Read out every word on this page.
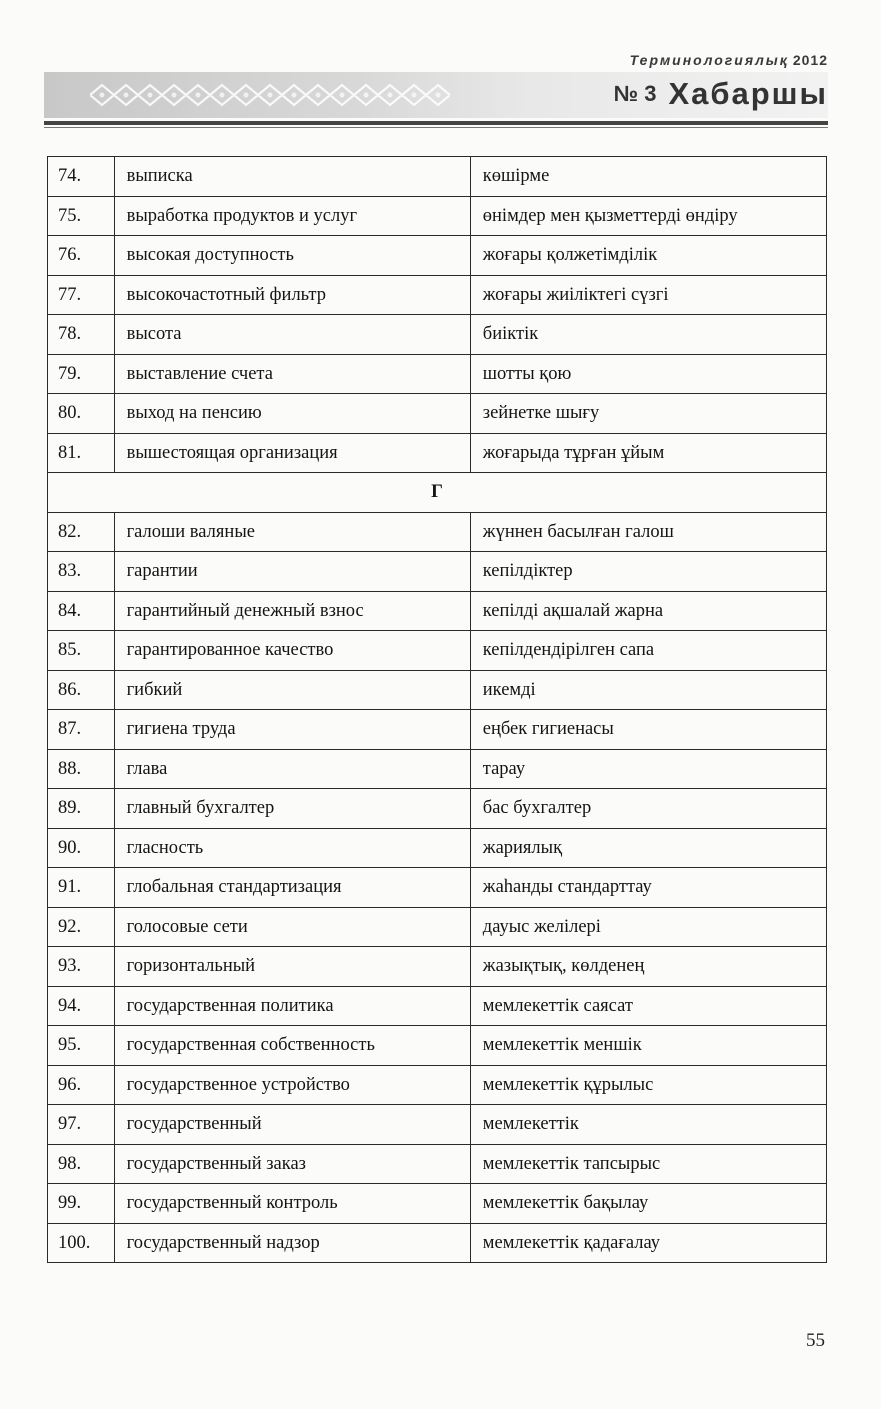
Терминологиялық 2012
№ 3 Хабаршы
74.	выписка	көшірме
75.	выработка продуктов и услуг	өнімдер мен қызметтерді өндіру
76.	высокая доступность	жоғары қолжетімділік
77.	высокочастотный фильтр	жоғары жиіліктегі сүзгі
78.	высота	биіктік
79.	выставление счета	шотты қою
80.	выход на пенсию	зейнетке шығу
81.	вышестоящая организация	жоғарыда тұрған ұйым
Г		
82.	галоши валяные	жүннен басылған галош
83.	гарантии	кепілдіктер
84.	гарантийный денежный взнос	кепілді ақшалай жарна
85.	гарантированное качество	кепілдендірілген сапа
86.	гибкий	икемді
87.	гигиена труда	еңбек гигиенасы
88.	глава	тарау
89.	главный бухгалтер	бас бухгалтер
90.	гласность	жариялық
91.	глобальная стандартизация	жаһанды стандарттау
92.	голосовые сети	дауыс желілері
93.	горизонтальный	жазықтық, көлденең
94.	государственная политика	мемлекеттік саясат
95.	государственная собственность	мемлекеттік меншік
96.	государственное устройство	мемлекеттік құрылыс
97.	государственный	мемлекеттік
98.	государственный заказ	мемлекеттік тапсырыс
99.	государственный контроль	мемлекеттік бақылау
100.	государственный надзор	мемлекеттік қадағалау
55
